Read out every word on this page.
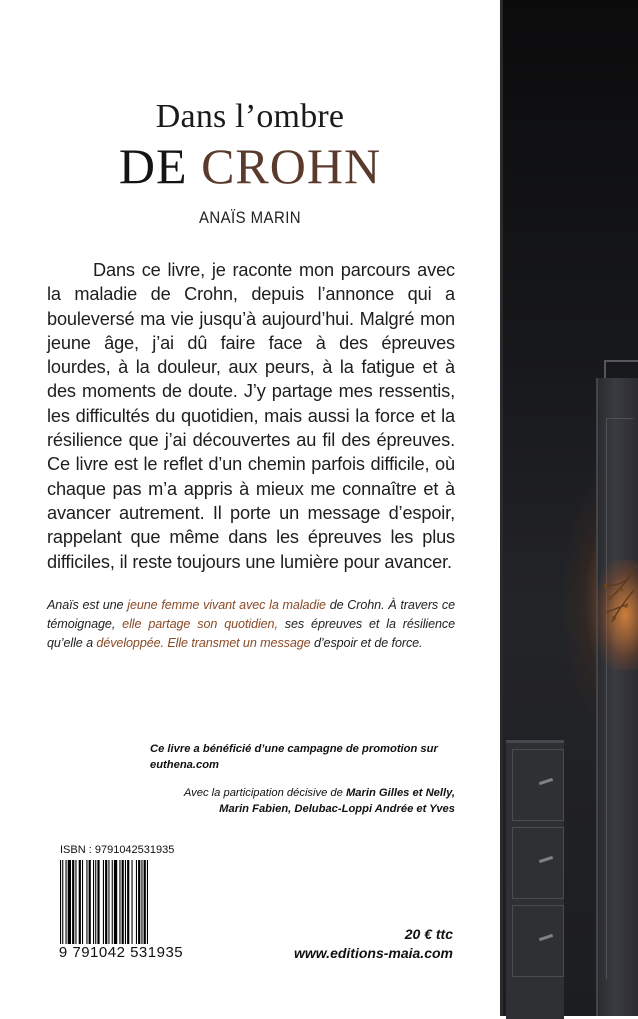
Dans l’ombre
DE CROHN
ANAÏS MARIN

Dans ce livre, je raconte mon parcours avec la maladie de Crohn, depuis l’annonce qui a bouleversé ma vie jusqu’à aujourd’hui. Malgré mon jeune âge, j’ai dû faire face à des épreuves lourdes, à la douleur, aux peurs, à la fatigue et à des moments de doute. J’y partage mes ressentis, les difficultés du quotidien, mais aussi la force et la résilience que j’ai découvertes au fil des épreuves. Ce livre est le reflet d’un chemin parfois difficile, où chaque pas m’a appris à mieux me connaître et à avancer autrement. Il porte un message d’espoir, rappelant que même dans les épreuves les plus difficiles, il reste toujours une lumière pour avancer.

Anaïs est une jeune femme vivant avec la maladie de Crohn. À travers ce témoignage, elle partage son quotidien, ses épreuves et la résilience qu’elle a développée. Elle transmet un message d’espoir et de force.

Ce livre a bénéficié d’une campagne de promotion sur euthena.com

Avec la participation décisive de Marin Gilles et Nelly,
Marin Fabien, Delubac-Loppi Andrée et Yves

ISBN : 9791042531935
9 791042 531935
20 € ttc
www.editions-maia.com
